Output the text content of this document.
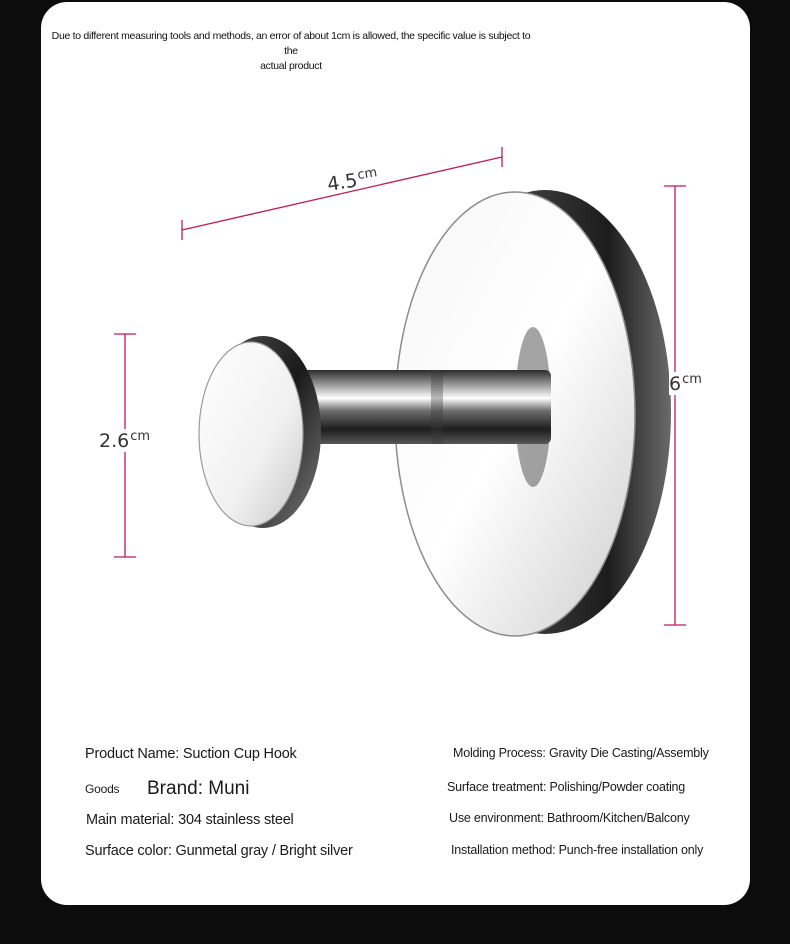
Due to different measuring tools and methods, an error of about 1cm is allowed, the specific value is subject to the
actual product
$4.5^{cm}$
$6^{cm}$
$2.6^{cm}$
Product Name: Suction Cup Hook
Goods Brand: Muni
Main material: 304 stainless steel
Surface color: Gunmetal gray / Bright silver
Molding Process: Gravity Die Casting/Assembly
Surface treatment: Polishing/Powder coating
Use environment: Bathroom/Kitchen/Balcony
Installation method: Punch-free installation only
